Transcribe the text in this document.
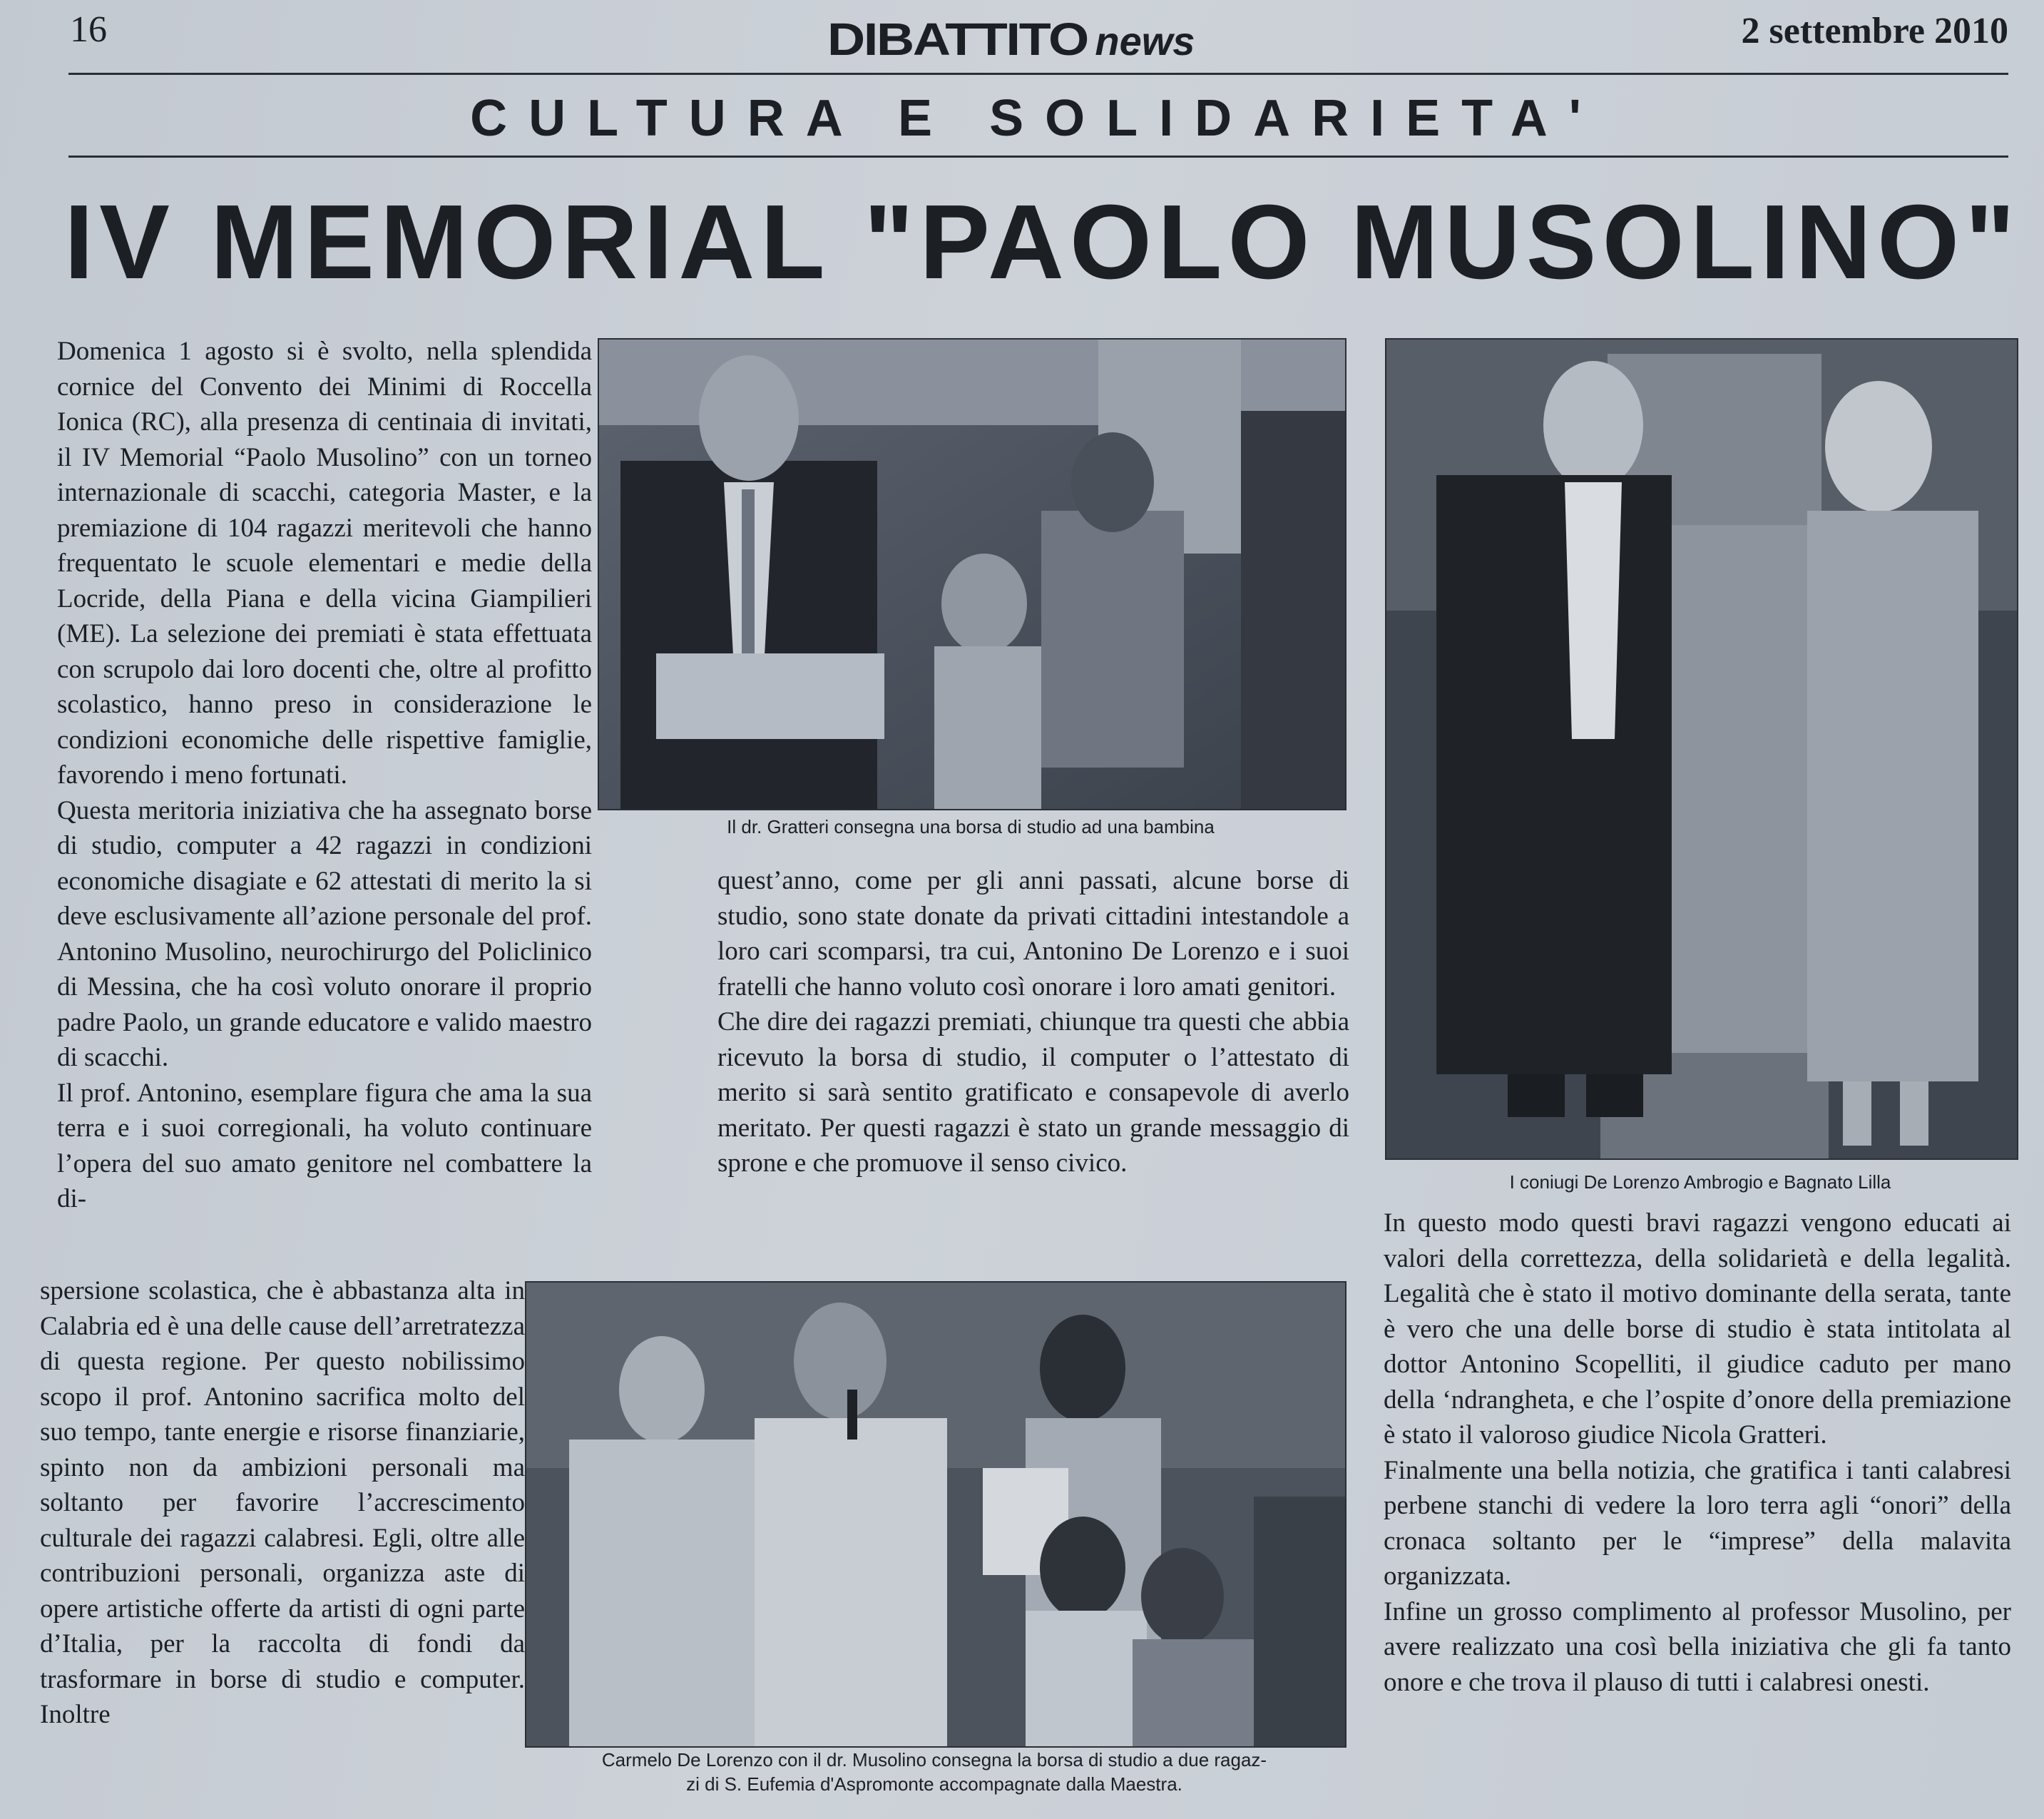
16	DIBATTITO news	2 settembre 2010
CULTURA E SOLIDARIETA'
IV MEMORIAL "PAOLO MUSOLINO"

Domenica 1 agosto si è svolto, nella splendida cornice del Convento dei Minimi di Roccella Ionica (RC), alla presenza di centinaia di invitati, il IV Memorial “Paolo Musolino” con un torneo internazionale di scacchi, categoria Master, e la premiazione di 104 ragazzi meritevoli che hanno frequentato le scuole elementari e medie della Locride, della Piana e della vicina Giampilieri (ME). La selezione dei premiati è stata effettuata con scrupolo dai loro docenti che, oltre al profitto scolastico, hanno preso in considerazione le condizioni economiche delle rispettive famiglie, favorendo i meno fortunati.

Questa meritoria iniziativa che ha assegnato borse di studio, computer a 42 ragazzi in condizioni economiche disagiate e 62 attestati di merito la si deve esclusivamente all’azione personale del prof. Antonino Musolino, neurochirurgo del Policlinico di Messina, che ha così voluto onorare il proprio padre Paolo, un grande educatore e valido maestro di scacchi.

Il prof. Antonino, esemplare figura che ama la sua terra e i suoi corregionali, ha voluto continuare l’opera del suo amato genitore nel combattere la di-

spersione scolastica, che è abbastanza alta in Calabria ed è una delle cause dell’arretratezza di questa regione. Per questo nobilissimo scopo il prof. Antonino sacrifica molto del suo tempo, tante energie e risorse finanziarie, spinto non da ambizioni personali ma soltanto per favorire l’accrescimento culturale dei ragazzi calabresi. Egli, oltre alle contribuzioni personali, organizza aste di opere artistiche offerte da artisti di ogni parte d’Italia, per la raccolta di fondi da trasformare in borse di studio e computer. Inoltre

quest’anno, come per gli anni passati, alcune borse di studio, sono state donate da privati cittadini intestandole a loro cari scomparsi, tra cui, Antonino De Lorenzo e i suoi fratelli che hanno voluto così onorare i loro amati genitori.

Che dire dei ragazzi premiati, chiunque tra questi che abbia ricevuto la borsa di studio, il computer o l’attestato di merito si sarà sentito gratificato e consapevole di averlo meritato. Per questi ragazzi è stato un grande messaggio di sprone e che promuove il senso civico.

In questo modo questi bravi ragazzi vengono educati ai valori della correttezza, della solidarietà e della legalità. Legalità che è stato il motivo dominante della serata, tante è vero che una delle borse di studio è stata intitolata al dottor Antonino Scopelliti, il giudice caduto per mano della ‘ndrangheta, e che l’ospite d’onore della premiazione è stato il valoroso giudice Nicola Gratteri.

Finalmente una bella notizia, che gratifica i tanti calabresi perbene stanchi di vedere la loro terra agli “onori” della cronaca soltanto per le “imprese” della malavita organizzata.

Infine un grosso complimento al professor Musolino, per avere realizzato una così bella iniziativa che gli fa tanto onore e che trova il plauso di tutti i calabresi onesti.

Il dr. Gratteri consegna una borsa di studio ad una bambina
I coniugi De Lorenzo Ambrogio e Bagnato Lilla
Carmelo De Lorenzo con il dr. Musolino consegna la borsa di studio a due ragaz-
zi di S. Eufemia d'Aspromonte accompagnate dalla Maestra.
